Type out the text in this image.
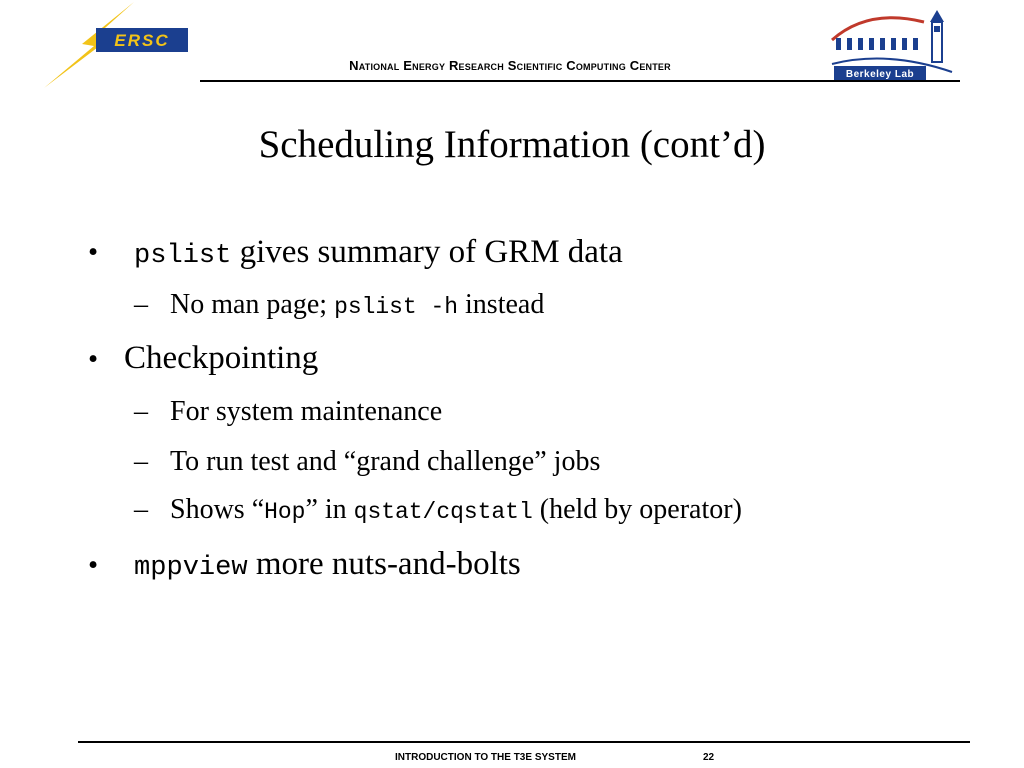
ERSC
National Energy Research Scientific Computing Center
Berkeley Lab
Scheduling Information (cont’d)
• pslist gives summary of GRM data
– No man page; pslist -h instead
• Checkpointing
– For system maintenance
– To run test and “grand challenge” jobs
– Shows “Hop” in qstat/cqstatl (held by operator)
• mppview more nuts-and-bolts
INTRODUCTION TO THE T3E SYSTEM	22
